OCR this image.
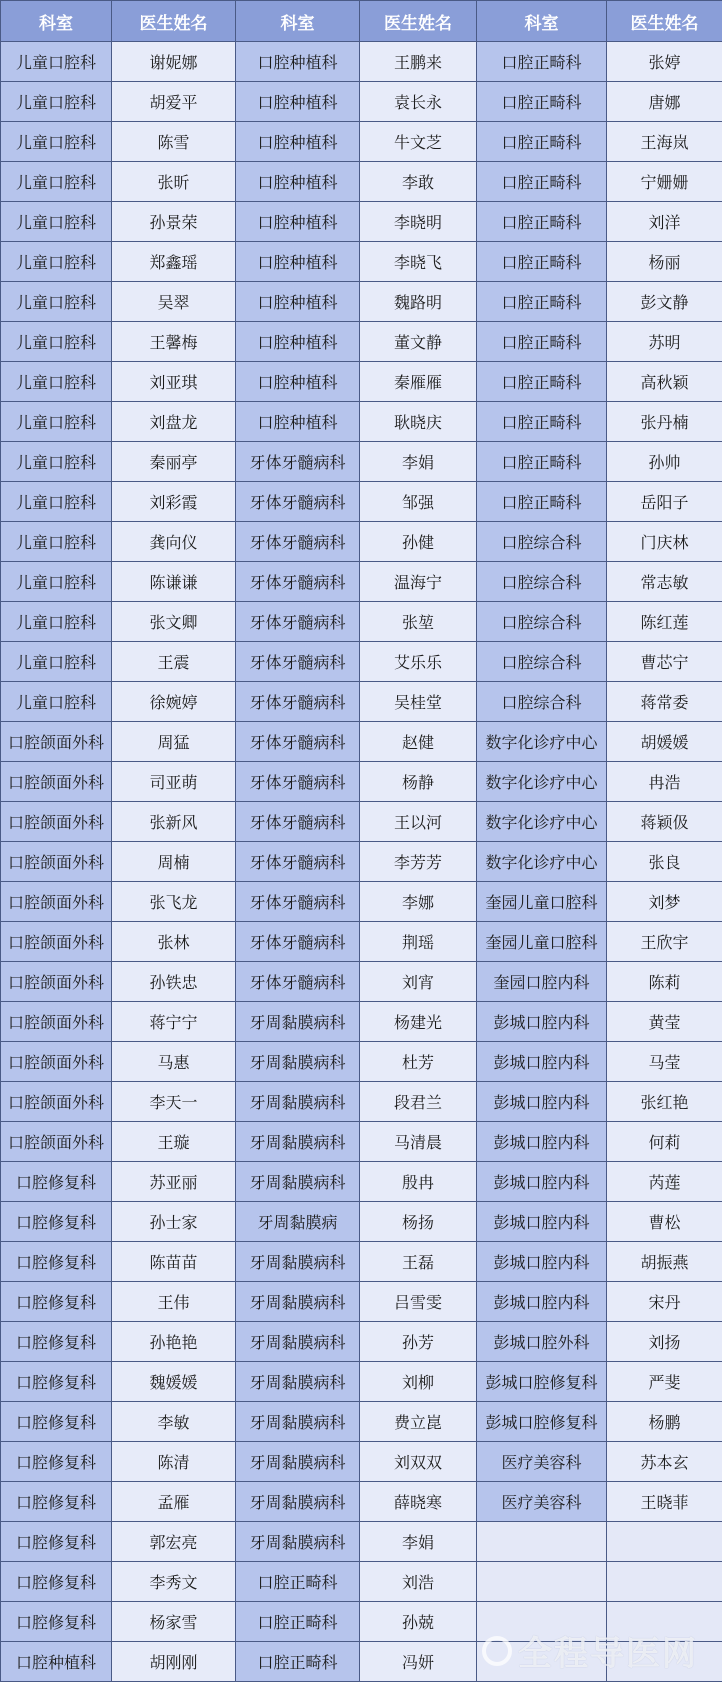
科室	医生姓名	科室	医生姓名	科室	医生姓名
儿童口腔科	谢妮娜	口腔种植科	王鹏来	口腔正畸科	张婷
儿童口腔科	胡爱平	口腔种植科	袁长永	口腔正畸科	唐娜
儿童口腔科	陈雪	口腔种植科	牛文芝	口腔正畸科	王海岚
儿童口腔科	张昕	口腔种植科	李敢	口腔正畸科	宁姗姗
儿童口腔科	孙景荣	口腔种植科	李晓明	口腔正畸科	刘洋
儿童口腔科	郑鑫瑶	口腔种植科	李晓飞	口腔正畸科	杨丽
儿童口腔科	吴翠	口腔种植科	魏路明	口腔正畸科	彭文静
儿童口腔科	王馨梅	口腔种植科	董文静	口腔正畸科	苏明
儿童口腔科	刘亚琪	口腔种植科	秦雁雁	口腔正畸科	高秋颖
儿童口腔科	刘盘龙	口腔种植科	耿晓庆	口腔正畸科	张丹楠
儿童口腔科	秦丽亭	牙体牙髓病科	李娟	口腔正畸科	孙帅
儿童口腔科	刘彩霞	牙体牙髓病科	邹强	口腔正畸科	岳阳子
儿童口腔科	龚向仪	牙体牙髓病科	孙健	口腔综合科	门庆林
儿童口腔科	陈谦谦	牙体牙髓病科	温海宁	口腔综合科	常志敏
儿童口腔科	张文卿	牙体牙髓病科	张堃	口腔综合科	陈红莲
儿童口腔科	王震	牙体牙髓病科	艾乐乐	口腔综合科	曹芯宁
儿童口腔科	徐婉婷	牙体牙髓病科	吴桂堂	口腔综合科	蒋常委
口腔颌面外科	周猛	牙体牙髓病科	赵健	数字化诊疗中心	胡媛媛
口腔颌面外科	司亚萌	牙体牙髓病科	杨静	数字化诊疗中心	冉浩
口腔颌面外科	张新风	牙体牙髓病科	王以河	数字化诊疗中心	蒋颖伋
口腔颌面外科	周楠	牙体牙髓病科	李芳芳	数字化诊疗中心	张良
口腔颌面外科	张飞龙	牙体牙髓病科	李娜	奎园儿童口腔科	刘梦
口腔颌面外科	张林	牙体牙髓病科	荆瑶	奎园儿童口腔科	王欣宇
口腔颌面外科	孙铁忠	牙体牙髓病科	刘宵	奎园口腔内科	陈莉
口腔颌面外科	蒋宁宁	牙周黏膜病科	杨建光	彭城口腔内科	黄莹
口腔颌面外科	马惠	牙周黏膜病科	杜芳	彭城口腔内科	马莹
口腔颌面外科	李天一	牙周黏膜病科	段君兰	彭城口腔内科	张红艳
口腔颌面外科	王璇	牙周黏膜病科	马清晨	彭城口腔内科	何莉
口腔修复科	苏亚丽	牙周黏膜病科	殷冉	彭城口腔内科	芮莲
口腔修复科	孙士家	牙周黏膜病	杨扬	彭城口腔内科	曹松
口腔修复科	陈苗苗	牙周黏膜病科	王磊	彭城口腔内科	胡振燕
口腔修复科	王伟	牙周黏膜病科	吕雪雯	彭城口腔内科	宋丹
口腔修复科	孙艳艳	牙周黏膜病科	孙芳	彭城口腔外科	刘扬
口腔修复科	魏媛媛	牙周黏膜病科	刘柳	彭城口腔修复科	严斐
口腔修复科	李敏	牙周黏膜病科	费立崑	彭城口腔修复科	杨鹏
口腔修复科	陈清	牙周黏膜病科	刘双双	医疗美容科	苏本玄
口腔修复科	孟雁	牙周黏膜病科	薛晓寒	医疗美容科	王晓菲
口腔修复科	郭宏亮	牙周黏膜病科	李娟		
口腔修复科	李秀文	口腔正畸科	刘浩		
口腔修复科	杨家雪	口腔正畸科	孙兢		
口腔种植科	胡刚刚	口腔正畸科	冯妍		全程导医网
